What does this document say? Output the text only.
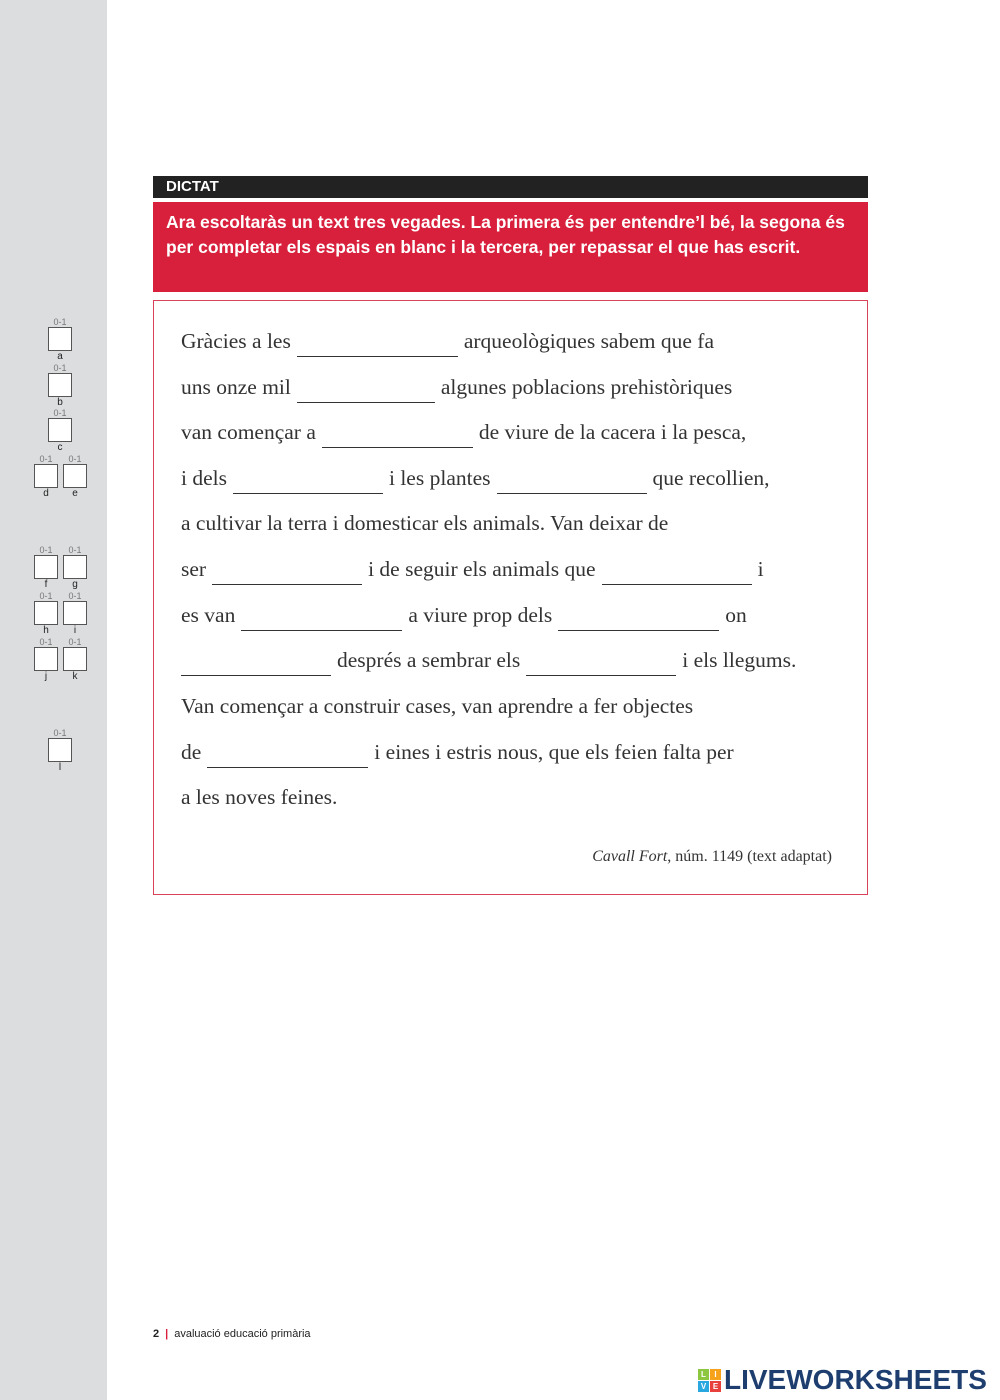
0-1
a
0-1
b
0-1
c
0-1
d
0-1
e
0-1
f
0-1
g
0-1
h
0-1
i
0-1
j
0-1
k
0-1
l
DICTAT
Ara escoltaràs un text tres vegades. La primera és per entendre’l bé, la segona és per completar els espais en blanc i la tercera, per repassar el que has escrit.
Gràcies a les	arqueològiques sabem que fa
uns onze mil	algunes poblacions prehistòriques
van començar a	de viure de la cacera i la pesca,
i dels	i les plantes	que recollien,
a cultivar la terra i domesticar els animals. Van deixar de
ser	i de seguir els animals que	i
es van	a viure prop dels	on
després a sembrar els	i els llegums.
Van començar a construir cases, van aprendre a fer objectes
de	i eines i estris nous, que els feien falta per
a les noves feines.
Cavall Fort, núm. 1149 (text adaptat)
2 | avaluació educació primària
L	I
V E LIVEWORKSHEETS
